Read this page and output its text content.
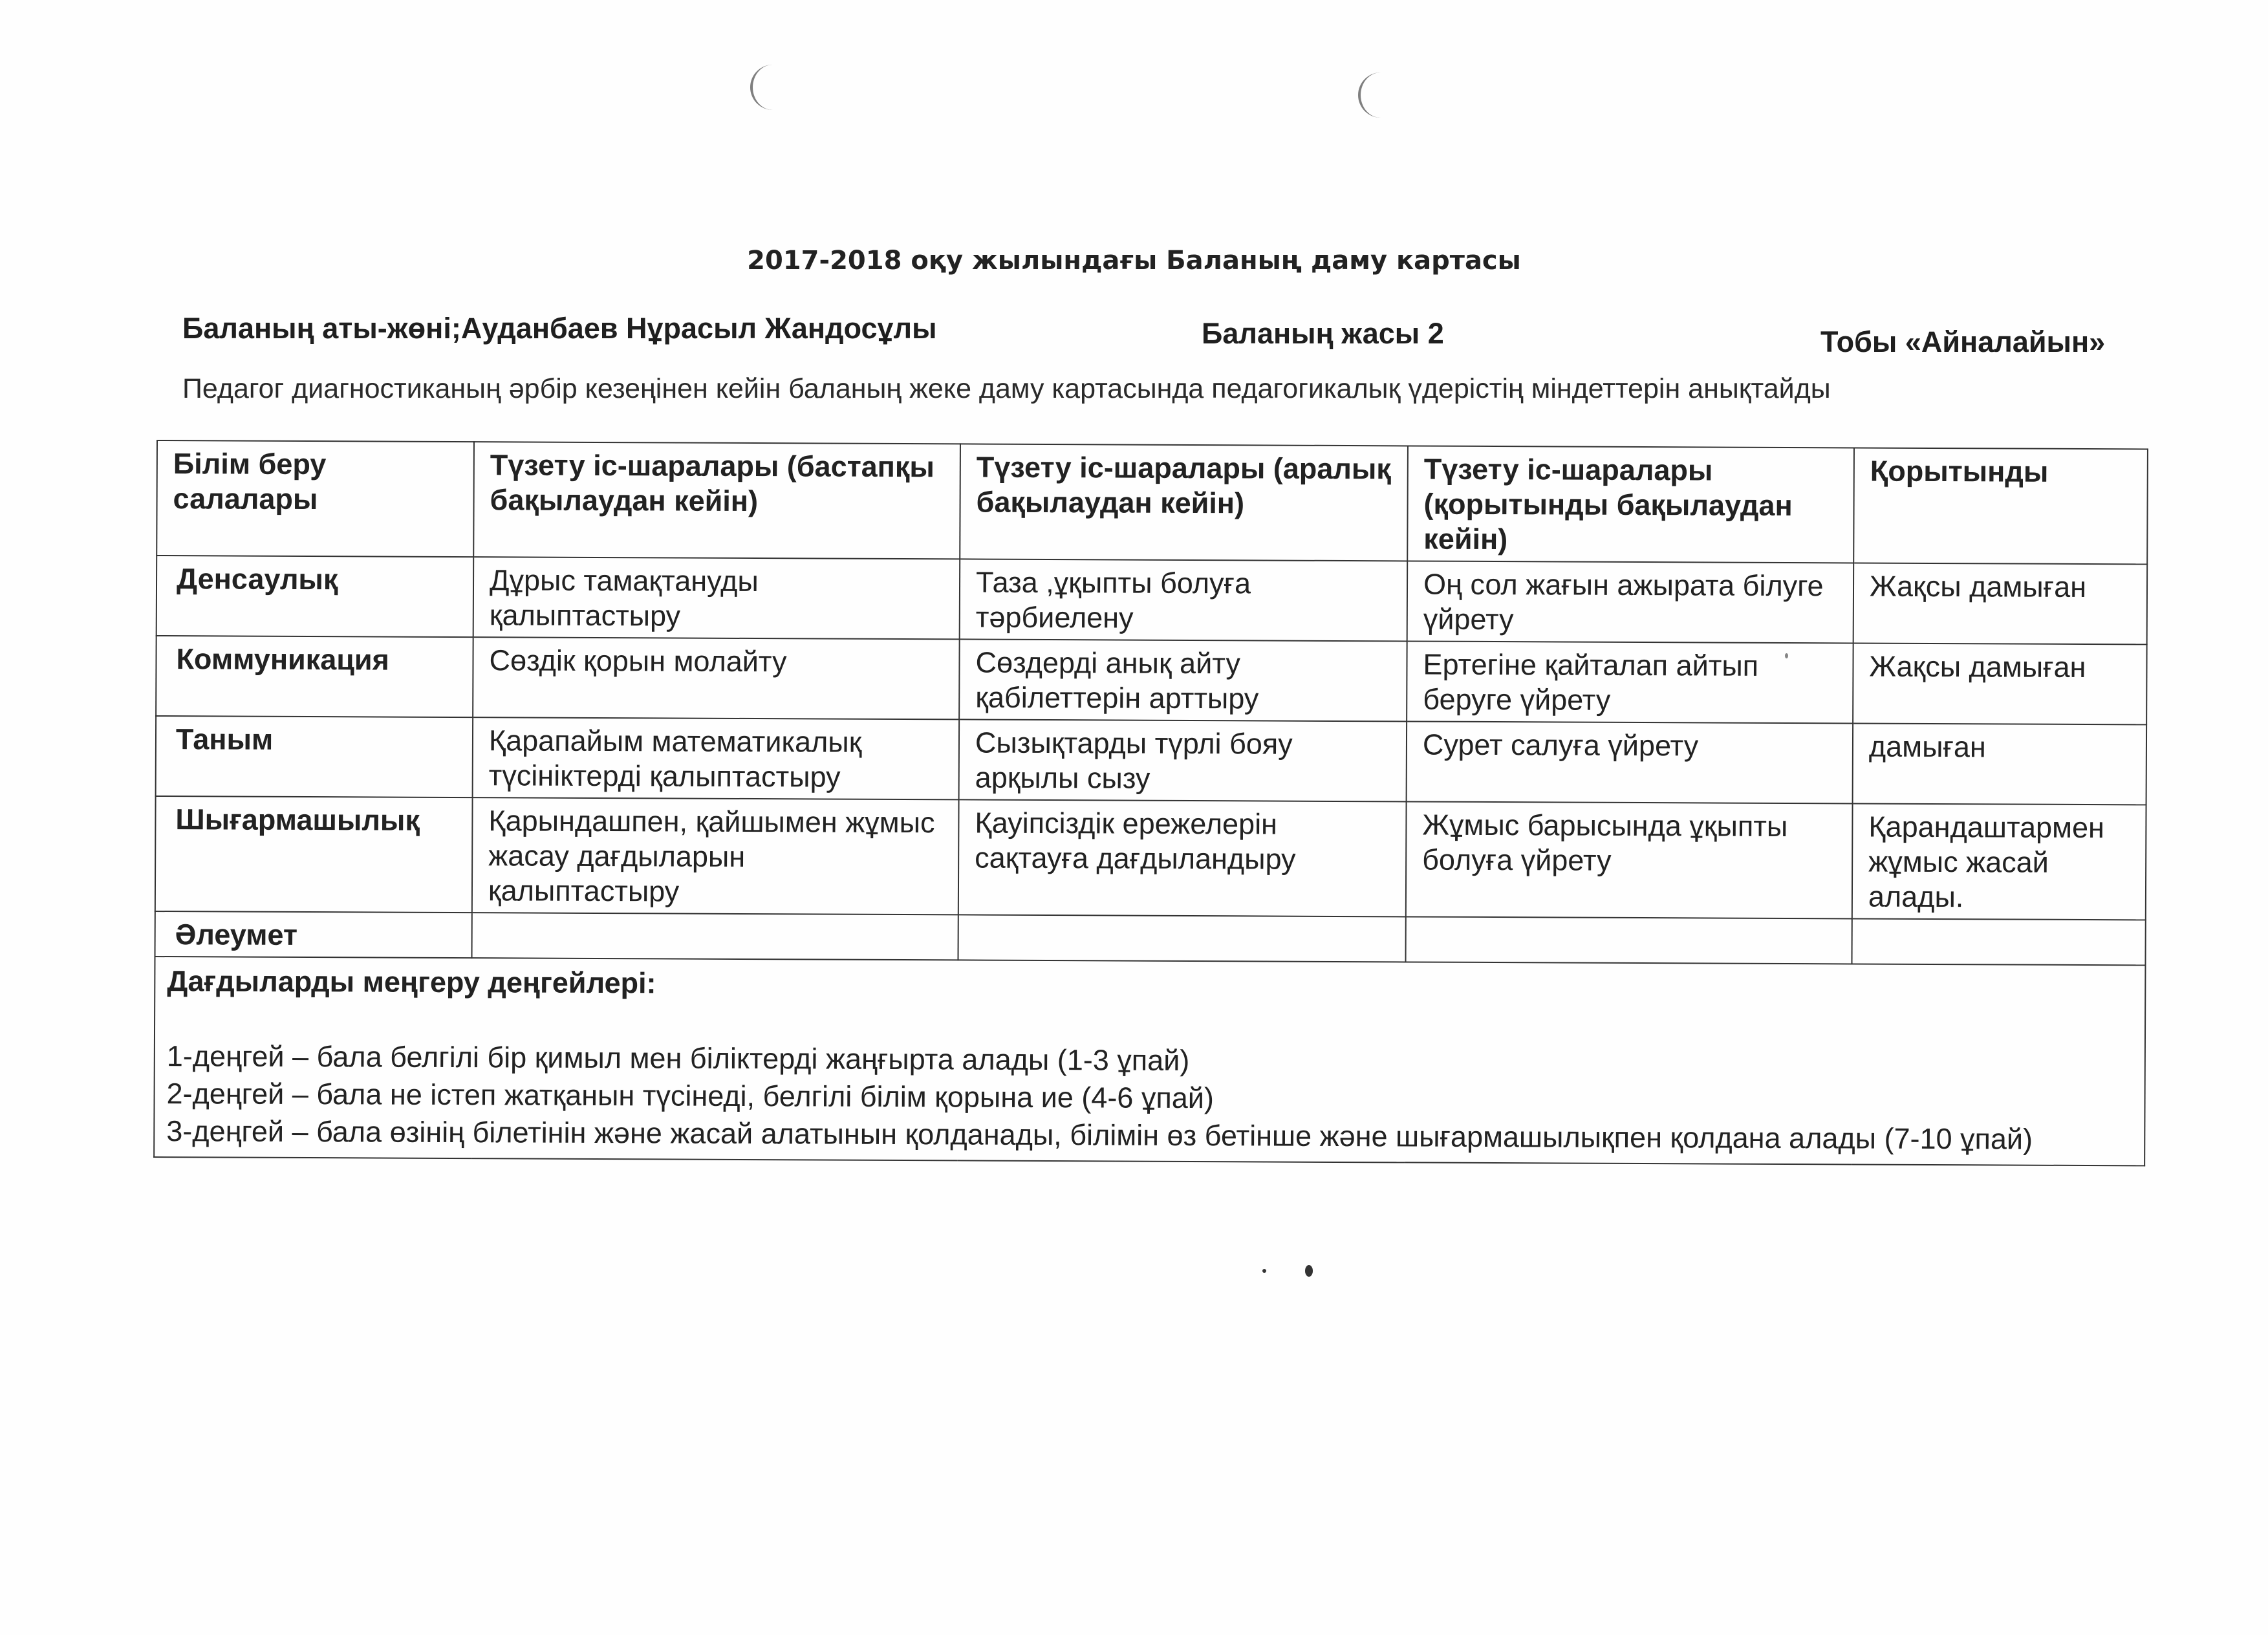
2017-2018 оқу жылындағы Баланың даму картасы
Баланың аты-жөні;Ауданбаев Нұрасыл Жандосұлы	Баланың жасы 2	Тобы «Айналайын»
Педагог диагностиканың әрбір кезеңінен кейін баланың жеке даму картасында педагогикалық үдерістің міндеттерін анықтайды
Білім беру салалары	Түзету іс-шаралары (бастапқы бақылаудан кейін)	Түзету іс-шаралары (аралық бақылаудан кейін)	Түзету іс-шаралары (қорытынды бақылаудан кейін)	Қорытынды
Денсаулық	Дұрыс тамақтануды қалыптастыру	Таза ,ұқыпты болуға тәрбиелену	Оң сол жағын ажырата білуге үйрету	Жақсы дамыған
Коммуникация	Сөздік қорын молайту	Сөздерді анық айту қабілеттерін арттыру	Ертегіне қайталап айтып беруге үйрету	Жақсы дамыған
Таным	Қарапайым математикалық түсініктерді қалыптастыру	Сызықтарды түрлі бояу арқылы сызу	Сурет салуға үйрету	дамыған
Шығармашылық	Қарындашпен, қайшымен жұмыс жасау дағдыларын қалыптастыру	Қауіпсіздік ережелерін сақтауға дағдыландыру	Жұмыс барысында ұқыпты болуға үйрету	Қарандаштармен жұмыс жасай алады.
Әлеумет				

Дағдыларды меңгеру деңгейлері:
1-деңгей – бала белгілі бір қимыл мен біліктерді жаңғырта алады (1-3 ұпай)
2-деңгей – бала не істеп жатқанын түсінеді, белгілі білім қорына ие (4-6 ұпай)
3-деңгей – бала өзінің білетінін және жасай алатынын қолданады, білімін өз бетінше және шығармашылықпен қолдана алады (7-10 ұпай)				
